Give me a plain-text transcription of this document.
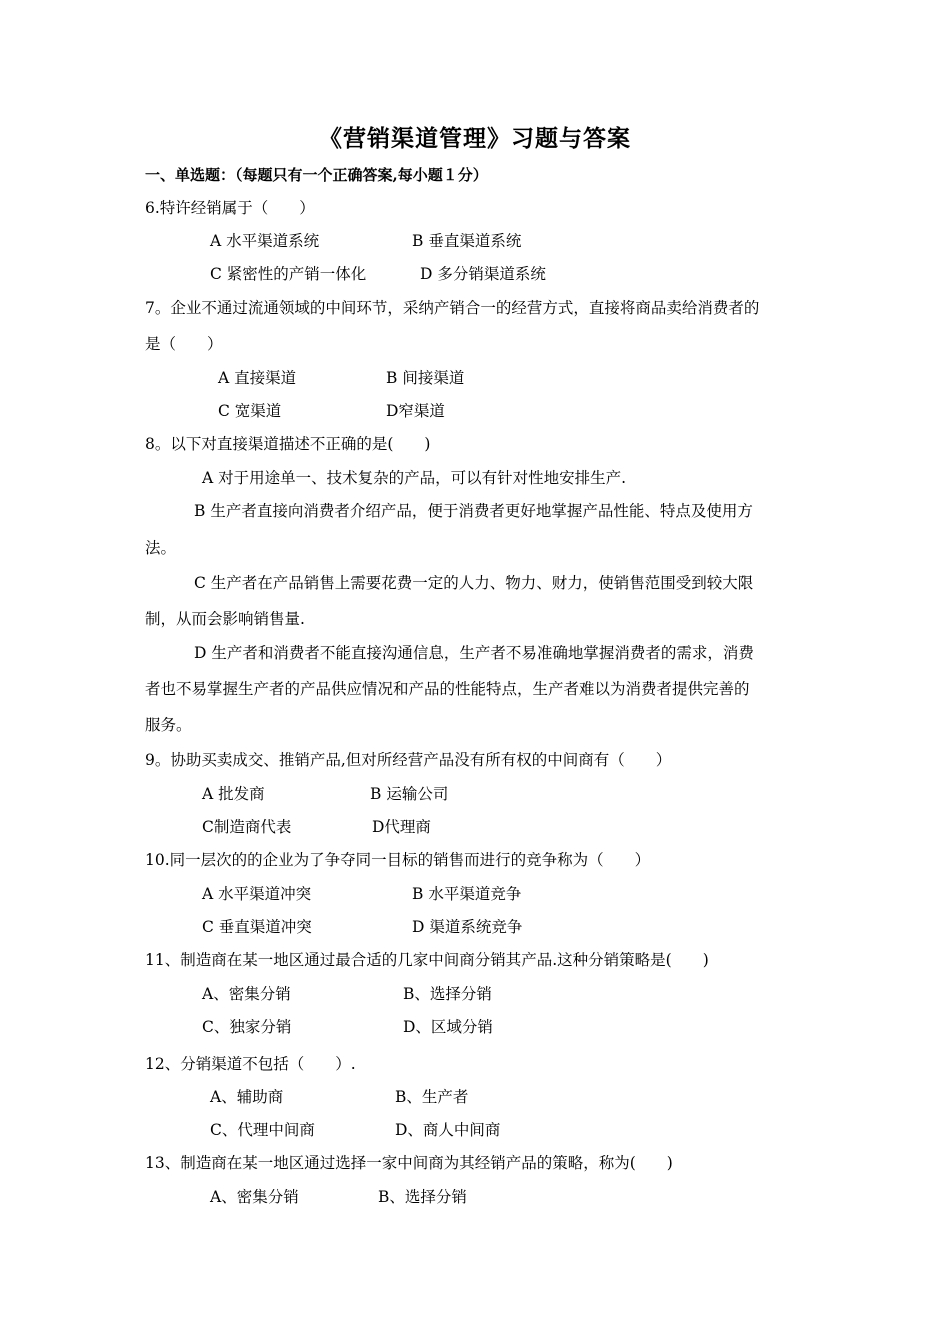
《营销渠道管理》习题与答案
一、单选题：（每题只有一个正确答案,每小题１分）
6.特许经销属于（　　）
A 水平渠道系统	B 垂直渠道系统
C 紧密性的产销一体化	D 多分销渠道系统
7。企业不通过流通领域的中间环节，采纳产销合一的经营方式，直接将商品卖给消费者的
是（　　）
A 直接渠道	B 间接渠道
C 宽渠道	D窄渠道
8。以下对直接渠道描述不正确的是(　　)
A 对于用途单一、技术复杂的产品，可以有针对性地安排生产.
B 生产者直接向消费者介绍产品，便于消费者更好地掌握产品性能、特点及使用方
法。
C 生产者在产品销售上需要花费一定的人力、物力、财力，使销售范围受到较大限
制，从而会影响销售量.
D 生产者和消费者不能直接沟通信息，生产者不易准确地掌握消费者的需求，消费
者也不易掌握生产者的产品供应情况和产品的性能特点，生产者难以为消费者提供完善的
服务。
9。协助买卖成交、推销产品,但对所经营产品没有所有权的中间商有（　　）
A 批发商	B 运输公司
C制造商代表	D代理商
10.同一层次的的企业为了争夺同一目标的销售而进行的竞争称为（　　）
A 水平渠道冲突	B 水平渠道竞争
C 垂直渠道冲突	D 渠道系统竞争
11、制造商在某一地区通过最合适的几家中间商分销其产品.这种分销策略是(　　)
A、密集分销	B、选择分销
C、独家分销	D、区域分销
12、分销渠道不包括（　　）.
A、辅助商	B、生产者
C、代理中间商	D、商人中间商
13、制造商在某一地区通过选择一家中间商为其经销产品的策略，称为(　　)
A、密集分销	B、选择分销
